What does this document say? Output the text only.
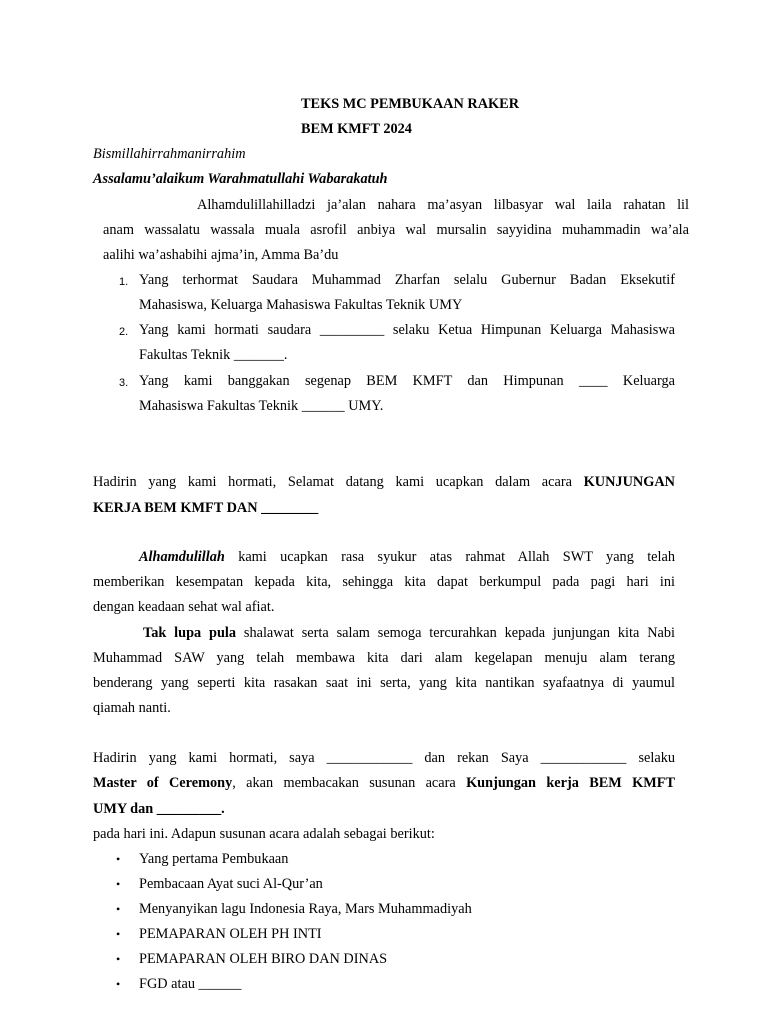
TEKS MC PEMBUKAAN RAKER
BEM KMFT 2024
Bismillahirrahmanirrahim
Assalamu’alaikum Warahmatullahi Wabarakatuh
Alhamdulillahilladzi ja’alan nahara ma’asyan lilbasyar wal laila rahatan lil
anam wassalatu wassala muala asrofil anbiya wal mursalin sayyidina muhammadin wa’ala
aalihi wa’ashabihi ajma’in, Amma Ba’du
1. Yang terhormat Saudara Muhammad Zharfan selalu Gubernur Badan Eksekutif
Mahasiswa, Keluarga Mahasiswa Fakultas Teknik UMY
2. Yang kami hormati saudara _________ selaku Ketua Himpunan Keluarga Mahasiswa
Fakultas Teknik _______.
3. Yang kami banggakan segenap BEM KMFT dan Himpunan ____ Keluarga
Mahasiswa Fakultas Teknik ______ UMY.
Hadirin yang kami hormati, Selamat datang kami ucapkan dalam acara KUNJUNGAN
KERJA BEM KMFT DAN ________
Alhamdulillah kami ucapkan rasa syukur atas rahmat Allah SWT yang telah
memberikan kesempatan kepada kita, sehingga kita dapat berkumpul pada pagi hari ini
dengan keadaan sehat wal afiat.
Tak lupa pula shalawat serta salam semoga tercurahkan kepada junjungan kita Nabi
Muhammad SAW yang telah membawa kita dari alam kegelapan menuju alam terang
benderang yang seperti kita rasakan saat ini serta, yang kita nantikan syafaatnya di yaumul
qiamah nanti.
Hadirin yang kami hormati, saya ____________ dan rekan Saya ____________ selaku
Master of Ceremony, akan membacakan susunan acara Kunjungan kerja BEM KMFT
UMY dan _________.
pada hari ini. Adapun susunan acara adalah sebagai berikut:
• Yang pertama Pembukaan
• Pembacaan Ayat suci Al-Qur’an
• Menyanyikan lagu Indonesia Raya, Mars Muhammadiyah
• PEMAPARAN OLEH PH INTI
• PEMAPARAN OLEH BIRO DAN DINAS
• FGD atau ______
